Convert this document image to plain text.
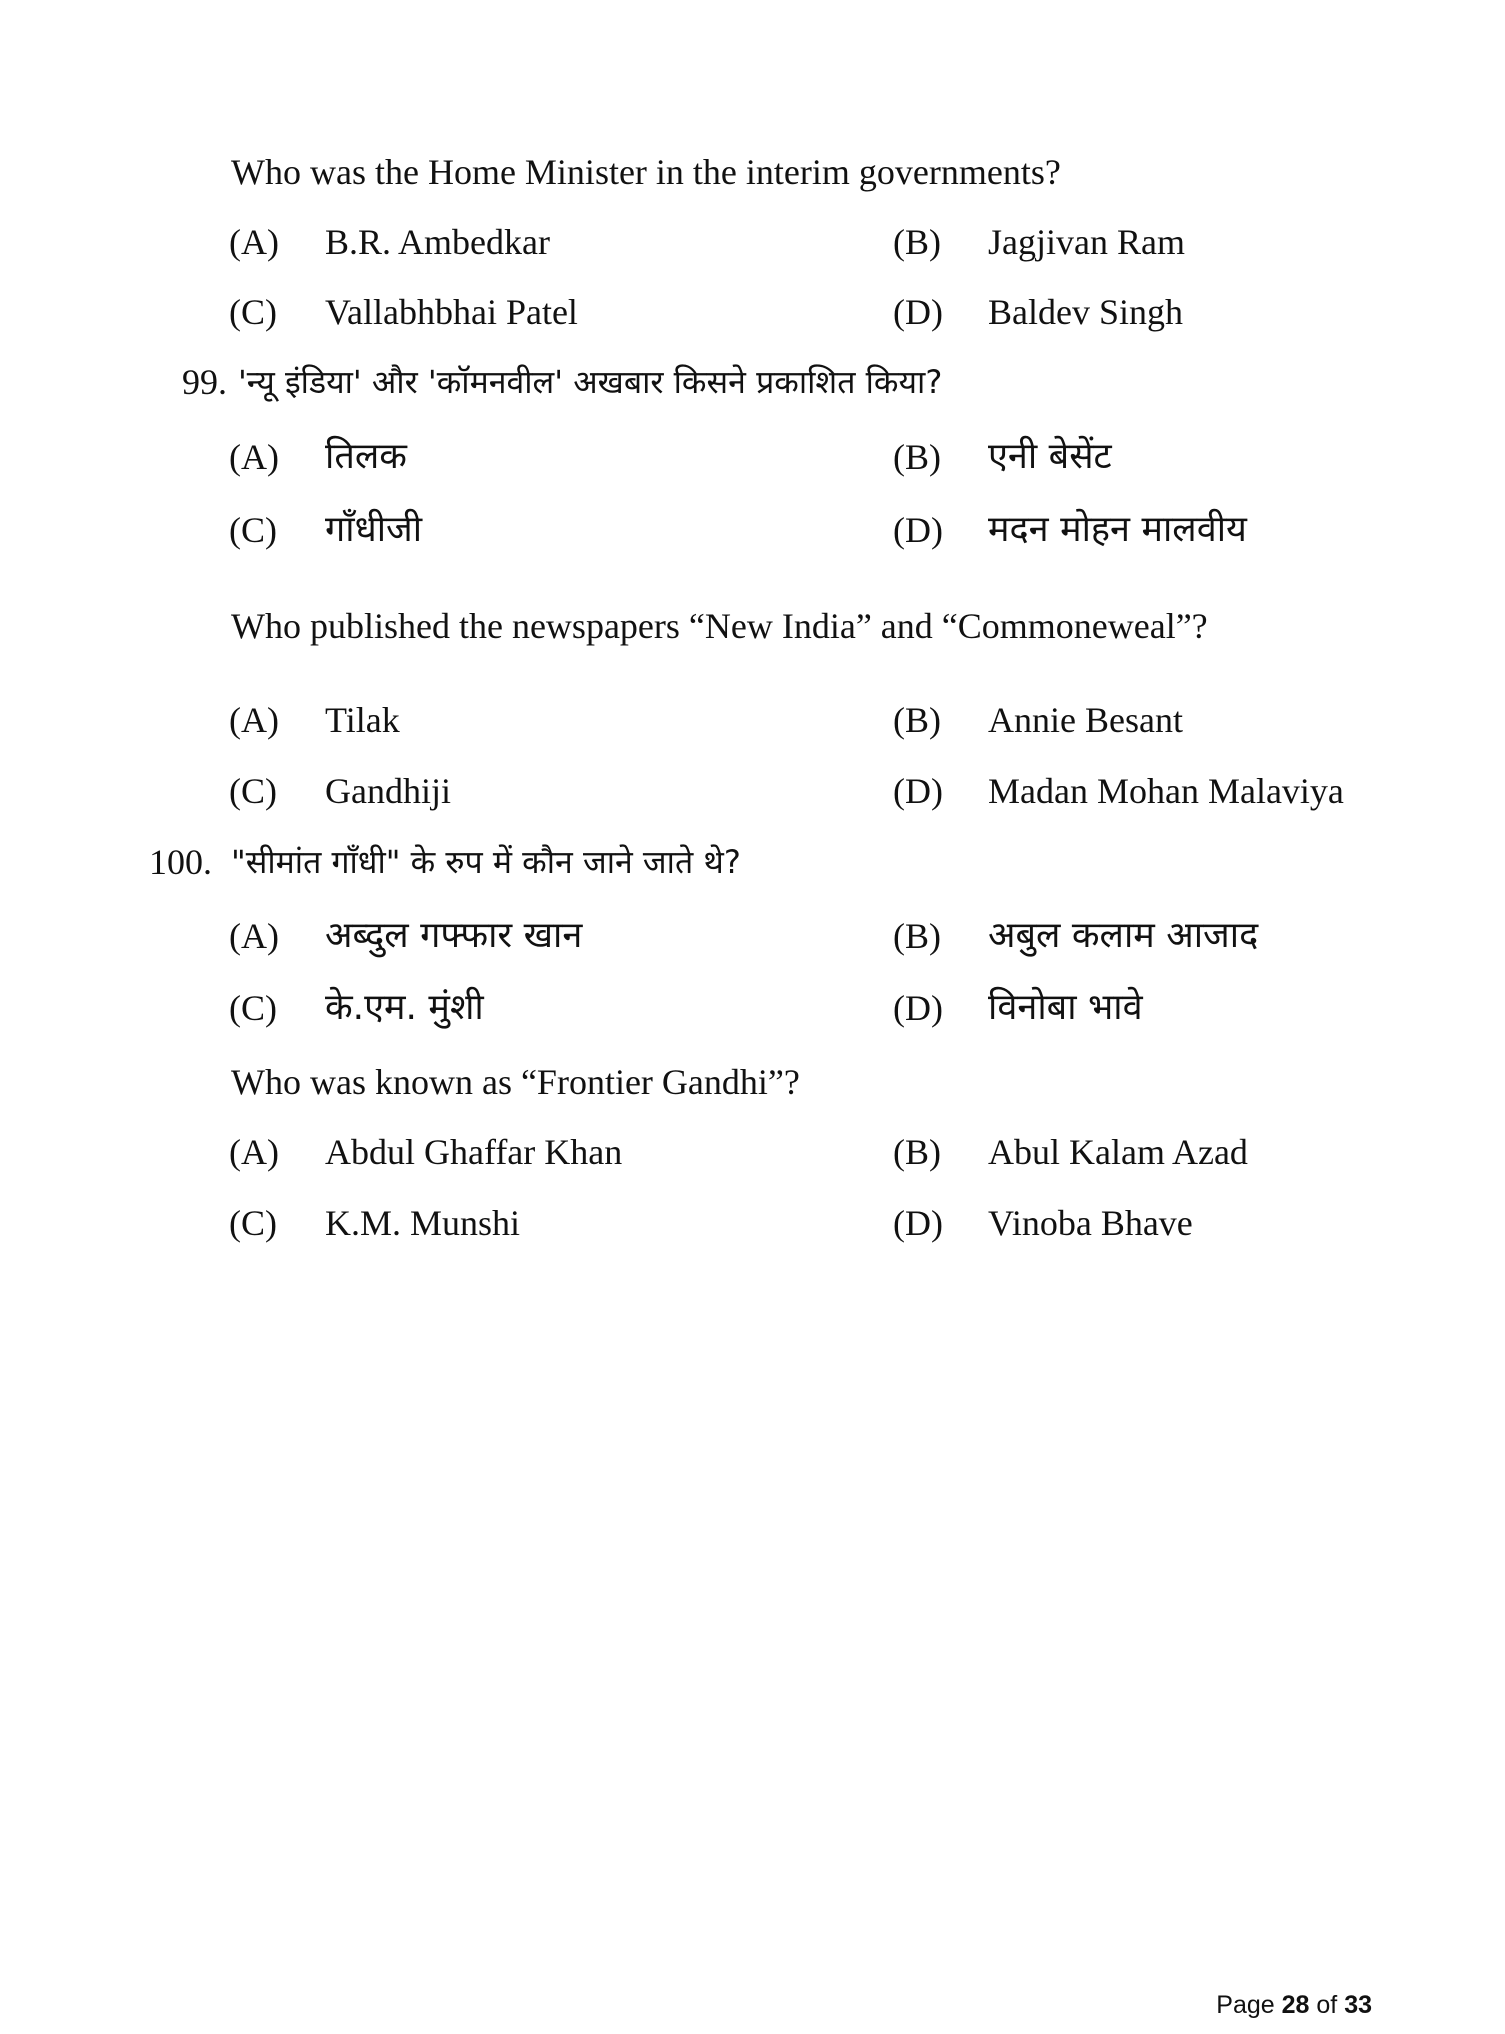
Who was the Home Minister in the interim governments?
(A) B.R. Ambedkar	(B) Jagjivan Ram
(C) Vallabhbhai Patel	(D) Baldev Singh
99. 'न्यू इंडिया' और 'कॉमनवील' अखबार किसने प्रकाशित किया?
(A) तिलक	(B) एनी बेसेंट
(C) गाँधीजी	(D) मदन मोहन मालवीय
Who published the newspapers “New India” and “Commoneweal”?
(A) Tilak	(B) Annie Besant
(C) Gandhiji	(D) Madan Mohan Malaviya
100. "सीमांत गाँधी" के रुप में कौन जाने जाते थे?
(A) अब्दुल गफ्फार खान	(B) अबुल कलाम आजाद
(C) के.एम. मुंशी	(D) विनोबा भावे
Who was known as “Frontier Gandhi”?
(A) Abdul Ghaffar Khan	(B) Abul Kalam Azad
(C) K.M. Munshi	(D) Vinoba Bhave
Page 28 of 33
